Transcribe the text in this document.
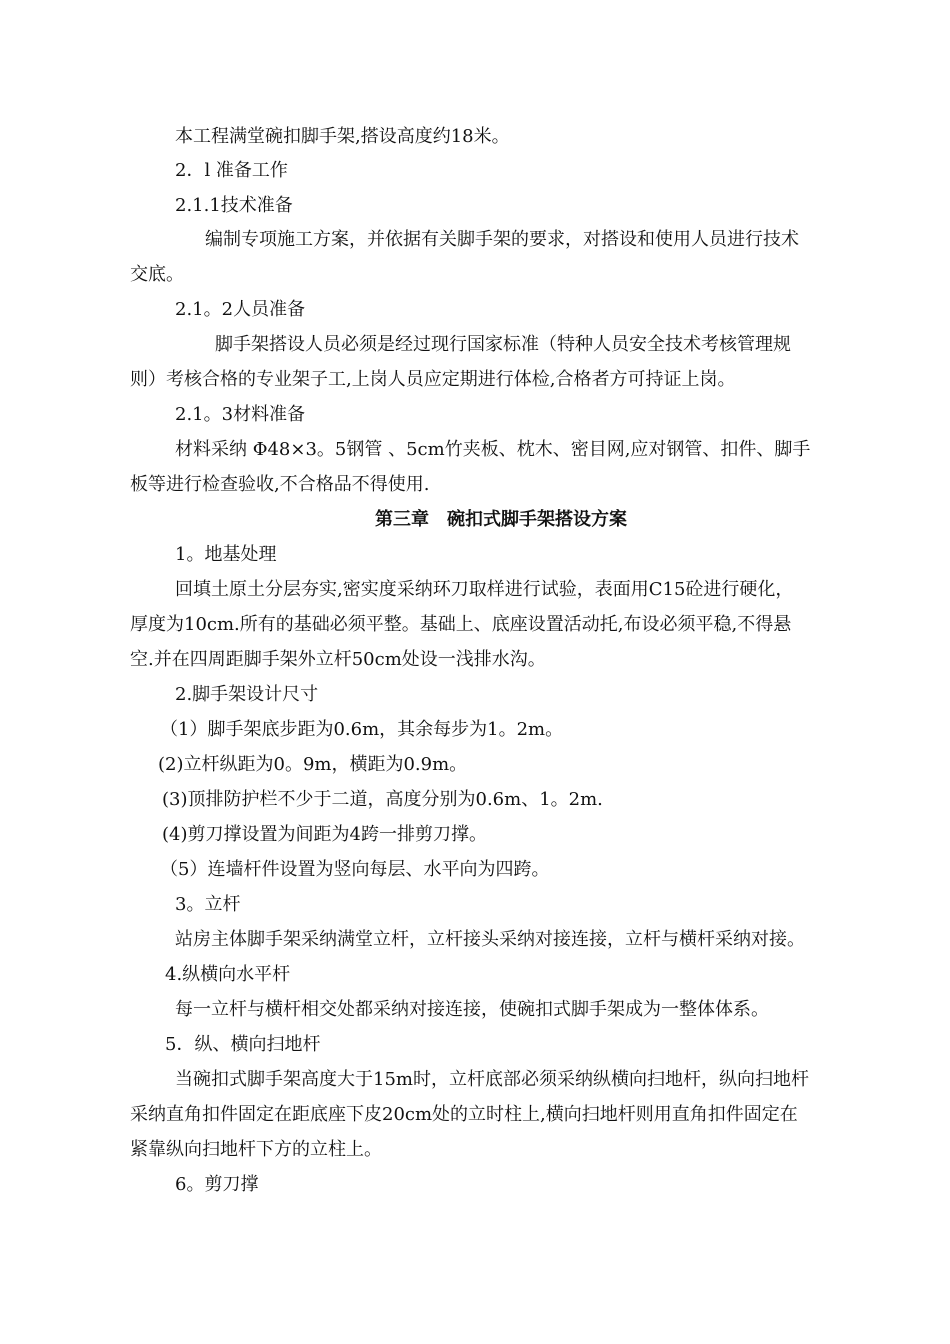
本工程满堂碗扣脚手架,搭设高度约18米。
2．l 准备工作
2.1.1技术准备
编制专项施工方案，并依据有关脚手架的要求，对搭设和使用人员进行技术
交底。
2.1。2人员准备
脚手架搭设人员必须是经过现行国家标准（特种人员安全技术考核管理规
则）考核合格的专业架子工,上岗人员应定期进行体检,合格者方可持证上岗。
2.1。3材料准备
材料采纳 Φ48×3。5钢管 、5cm竹夹板、枕木、密目网,应对钢管、扣件、脚手
板等进行检查验收,不合格品不得使用.
第三章　碗扣式脚手架搭设方案
1。地基处理
回填土原土分层夯实,密实度采纳环刀取样进行试验，表面用C15砼进行硬化，
厚度为10cm.所有的基础必须平整。基础上、底座设置活动托,布设必须平稳,不得悬
空.并在四周距脚手架外立杆50cm处设一浅排水沟。
2.脚手架设计尺寸
（1）脚手架底步距为0.6m，其余每步为1。2m。
(2)立杆纵距为0。9m，横距为0.9m。
(3)顶排防护栏不少于二道，高度分别为0.6m、1。2m.
(4)剪刀撑设置为间距为4跨一排剪刀撑。
（5）连墙杆件设置为竖向每层、水平向为四跨。
3。立杆
站房主体脚手架采纳满堂立杆，立杆接头采纳对接连接，立杆与横杆采纳对接。
4.纵横向水平杆
每一立杆与横杆相交处都采纳对接连接，使碗扣式脚手架成为一整体体系。
5．纵、横向扫地杆
当碗扣式脚手架高度大于15m时，立杆底部必须采纳纵横向扫地杆，纵向扫地杆
采纳直角扣件固定在距底座下皮20cm处的立时柱上,横向扫地杆则用直角扣件固定在
紧靠纵向扫地杆下方的立柱上。
6。剪刀撑
